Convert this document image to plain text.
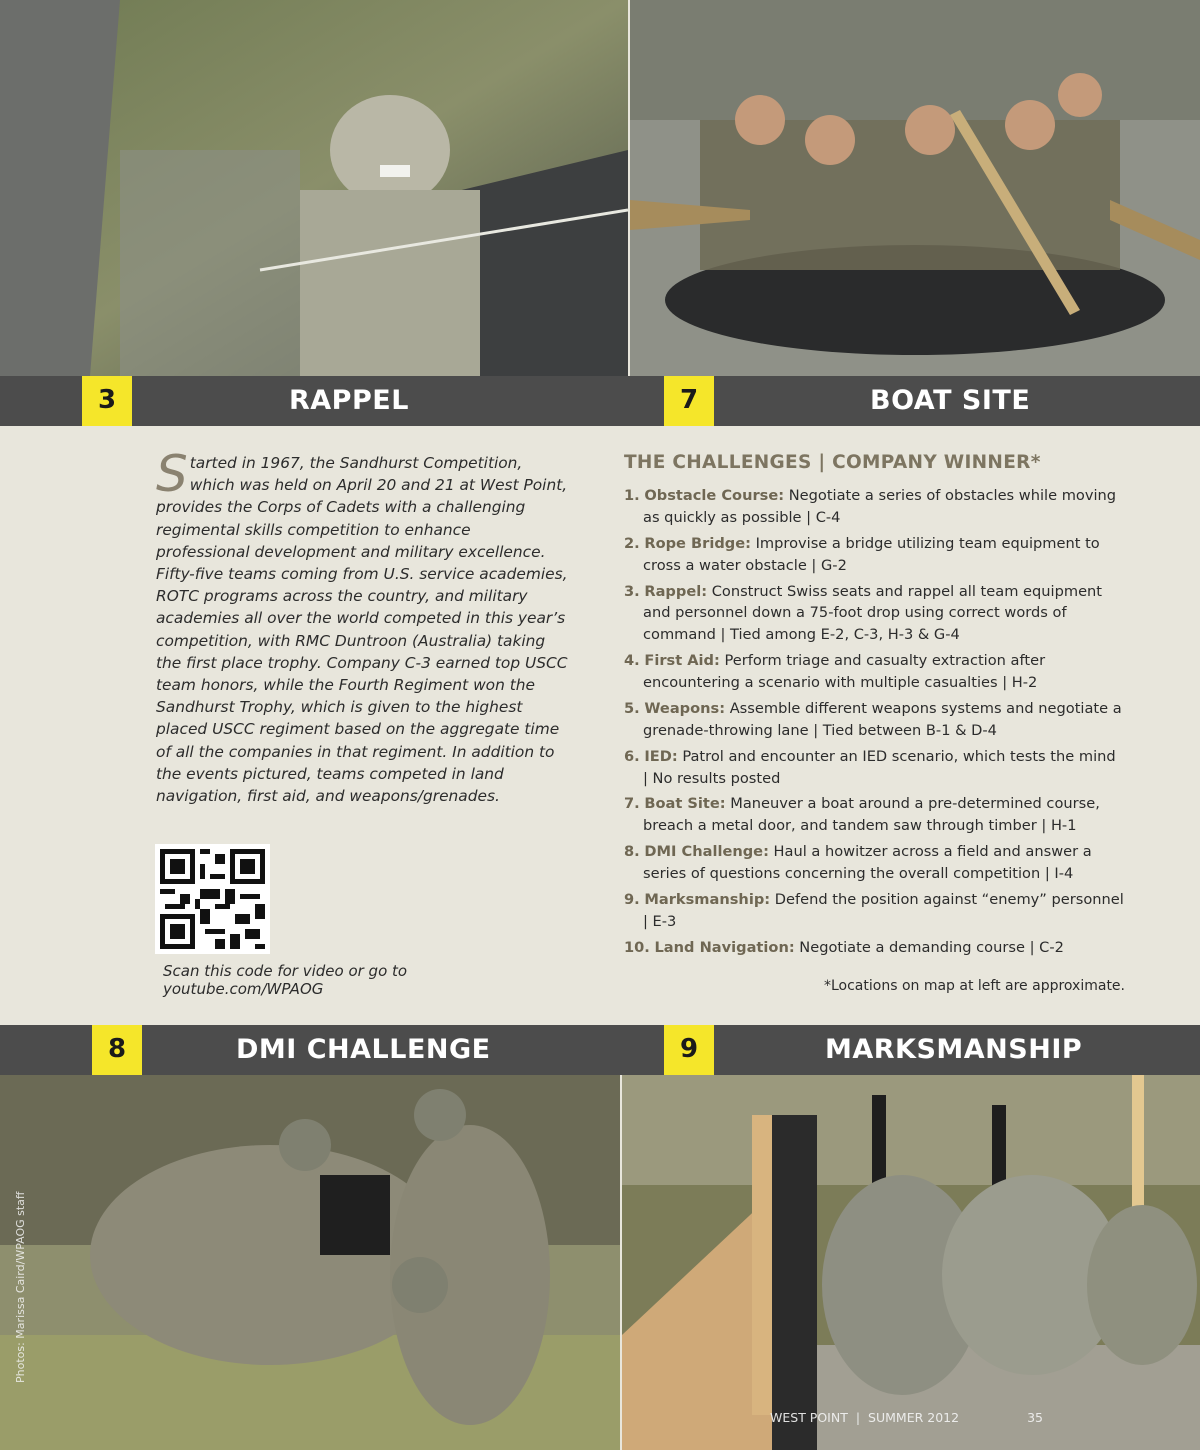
3	RAPPEL	7	BOAT SITE
Started in 1967, the Sandhurst Competition, which was held on April 20 and 21 at West Point, provides the Corps of Cadets with a challenging regimental skills competition to enhance professional development and military excellence. Fifty-five teams coming from U.S. service academies, ROTC programs across the country, and military academies all over the world competed in this year’s competition, with RMC Duntroon (Australia) taking the first place trophy. Company C-3 earned top USCC team honors, while the Fourth Regiment won the Sandhurst Trophy, which is given to the highest placed USCC regiment based on the aggregate time of all the companies in that regiment. In addition to the events pictured, teams competed in land navigation, first aid, and weapons/grenades.
Scan this code for video or go to youtube.com/WPAOG
THE CHALLENGES | COMPANY WINNER*
1. Obstacle Course: Negotiate a series of obstacles while moving as quickly as possible | C-4
2. Rope Bridge: Improvise a bridge utilizing team equipment to cross a water obstacle | G-2
3. Rappel: Construct Swiss seats and rappel all team equipment and personnel down a 75-foot drop using correct words of command | Tied among E-2, C-3, H-3 & G-4
4. First Aid: Perform triage and casualty extraction after encountering a scenario with multiple casualties | H-2
5. Weapons: Assemble different weapons systems and negotiate a grenade-throwing lane | Tied between B-1 & D-4
6. IED: Patrol and encounter an IED scenario, which tests the mind | No results posted
7. Boat Site: Maneuver a boat around a pre-determined course, breach a metal door, and tandem saw through timber | H-1
8. DMI Challenge: Haul a howitzer across a field and answer a series of questions concerning the overall competition | I-4
9. Marksmanship: Defend the position against “enemy” personnel | E-3
10. Land Navigation: Negotiate a demanding course | C-2
*Locations on map at left are approximate.
8	DMI CHALLENGE	9	MARKSMANSHIP
Photos: Marissa Caird/WPAOG staff
WEST POINT | SUMMER 2012	35
